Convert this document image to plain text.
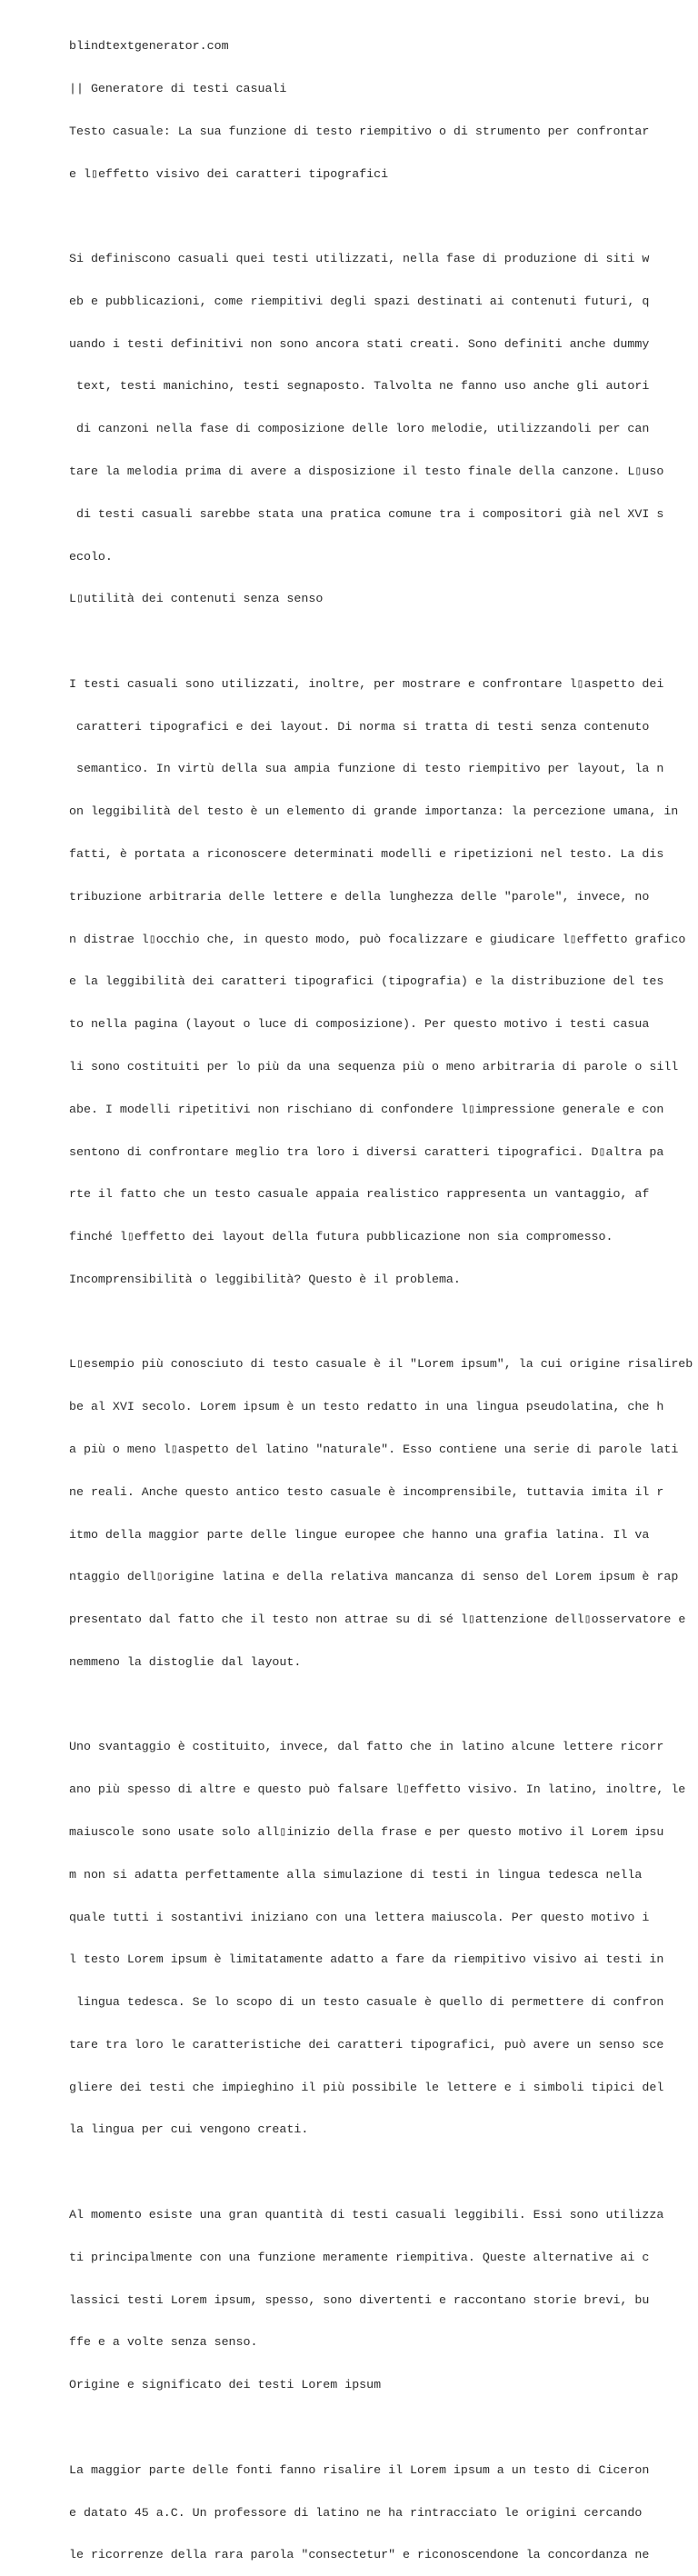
blindtextgenerator.com

|| Generatore di testi casuali

Testo casuale: La sua funzione di testo riempitivo o di strumento per confrontar

e l▯effetto visivo dei caratteri tipografici

Si definiscono casuali quei testi utilizzati, nella fase di produzione di siti w

eb e pubblicazioni, come riempitivi degli spazi destinati ai contenuti futuri, q

uando i testi definitivi non sono ancora stati creati. Sono definiti anche dummy

text, testi manichino, testi segnaposto. Talvolta ne fanno uso anche gli autori

di canzoni nella fase di composizione delle loro melodie, utilizzandoli per can

tare la melodia prima di avere a disposizione il testo finale della canzone. L▯uso

di testi casuali sarebbe stata una pratica comune tra i compositori già nel XVI s

ecolo.

L▯utilità dei contenuti senza senso

I testi casuali sono utilizzati, inoltre, per mostrare e confrontare l▯aspetto dei

caratteri tipografici e dei layout. Di norma si tratta di testi senza contenuto

semantico. In virtù della sua ampia funzione di testo riempitivo per layout, la n

on leggibilità del testo è un elemento di grande importanza: la percezione umana, in

fatti, è portata a riconoscere determinati modelli e ripetizioni nel testo. La dis

tribuzione arbitraria delle lettere e della lunghezza delle "parole", invece, no

n distrae l▯occhio che, in questo modo, può focalizzare e giudicare l▯effetto grafico

e la leggibilità dei caratteri tipografici (tipografia) e la distribuzione del tes

to nella pagina (layout o luce di composizione). Per questo motivo i testi casua

li sono costituiti per lo più da una sequenza più o meno arbitraria di parole o sill

abe. I modelli ripetitivi non rischiano di confondere l▯impressione generale e con

sentono di confrontare meglio tra loro i diversi caratteri tipografici. D▯altra pa

rte il fatto che un testo casuale appaia realistico rappresenta un vantaggio, af

finché l▯effetto dei layout della futura pubblicazione non sia compromesso.

Incomprensibilità o leggibilità? Questo è il problema.

L▯esempio più conosciuto di testo casuale è il "Lorem ipsum", la cui origine risalireb

be al XVI secolo. Lorem ipsum è un testo redatto in una lingua pseudolatina, che h

a più o meno l▯aspetto del latino "naturale". Esso contiene una serie di parole lati

ne reali. Anche questo antico testo casuale è incomprensibile, tuttavia imita il r

itmo della maggior parte delle lingue europee che hanno una grafia latina. Il va

ntaggio dell▯origine latina e della relativa mancanza di senso del Lorem ipsum è rap

presentato dal fatto che il testo non attrae su di sé l▯attenzione dell▯osservatore e

nemmeno la distoglie dal layout.

Uno svantaggio è costituito, invece, dal fatto che in latino alcune lettere ricorr

ano più spesso di altre e questo può falsare l▯effetto visivo. In latino, inoltre, le

maiuscole sono usate solo all▯inizio della frase e per questo motivo il Lorem ipsu

m non si adatta perfettamente alla simulazione di testi in lingua tedesca nella

quale tutti i sostantivi iniziano con una lettera maiuscola. Per questo motivo i

l testo Lorem ipsum è limitatamente adatto a fare da riempitivo visivo ai testi in

lingua tedesca. Se lo scopo di un testo casuale è quello di permettere di confron

tare tra loro le caratteristiche dei caratteri tipografici, può avere un senso sce

gliere dei testi che impieghino il più possibile le lettere e i simboli tipici del

la lingua per cui vengono creati.

Al momento esiste una gran quantità di testi casuali leggibili. Essi sono utilizza

ti principalmente con una funzione meramente riempitiva. Queste alternative ai c

lassici testi Lorem ipsum, spesso, sono divertenti e raccontano storie brevi, bu

ffe e a volte senza senso.

Origine e significato dei testi Lorem ipsum

La maggior parte delle fonti fanno risalire il Lorem ipsum a un testo di Ciceron

e datato 45 a.C. Un professore di latino ne ha rintracciato le origini cercando

le ricorrenze della rara parola "consectetur" e riconoscendone la concordanza ne
